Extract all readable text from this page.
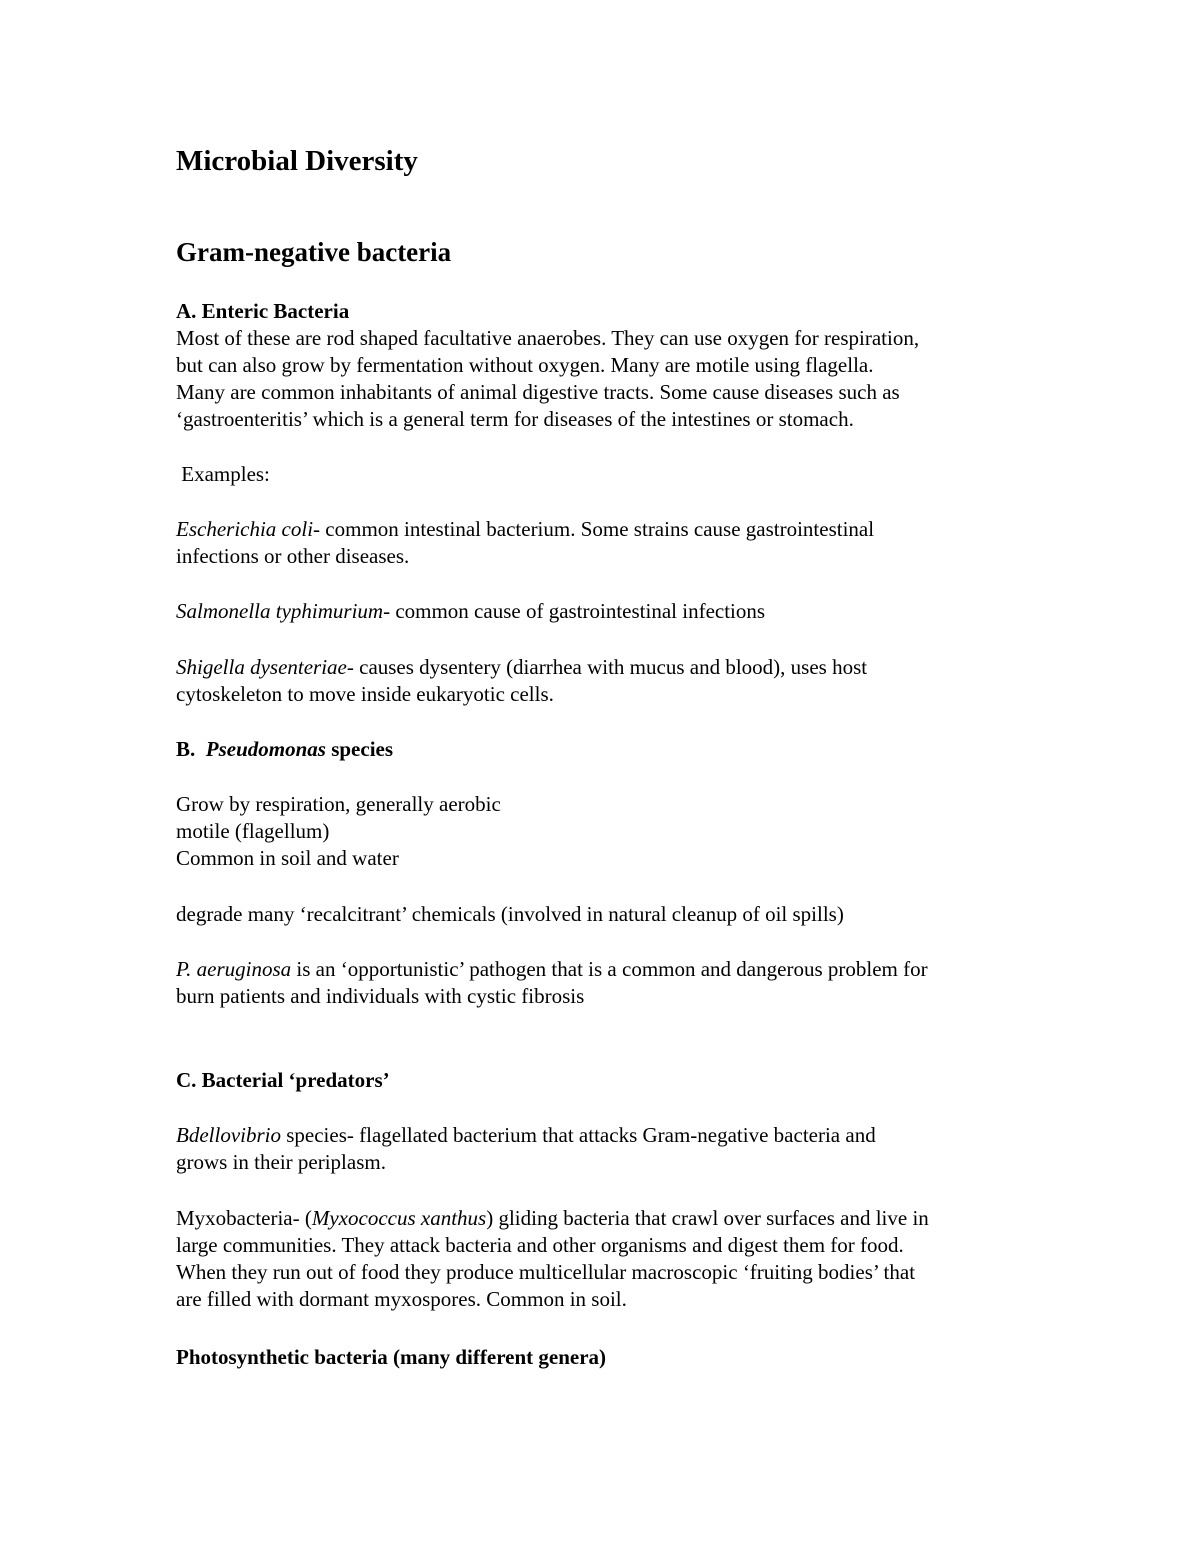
Microbial Diversity
Gram-negative bacteria
A. Enteric Bacteria
Most of these are rod shaped facultative anaerobes. They can use oxygen for respiration,
but can also grow by fermentation without oxygen. Many are motile using flagella.
Many are common inhabitants of animal digestive tracts. Some cause diseases such as
‘gastroenteritis’ which is a general term for diseases of the intestines or stomach.
Examples:
Escherichia coli- common intestinal bacterium. Some strains cause gastrointestinal
infections or other diseases.
Salmonella typhimurium- common cause of gastrointestinal infections
Shigella dysenteriae- causes dysentery (diarrhea with mucus and blood), uses host
cytoskeleton to move inside eukaryotic cells.
B.  Pseudomonas species
Grow by respiration, generally aerobic
motile (flagellum)
Common in soil and water
degrade many ‘recalcitrant’ chemicals (involved in natural cleanup of oil spills)
P. aeruginosa is an ‘opportunistic’ pathogen that is a common and dangerous problem for
burn patients and individuals with cystic fibrosis
C. Bacterial ‘predators’
Bdellovibrio species- flagellated bacterium that attacks Gram-negative bacteria and
grows in their periplasm.
Myxobacteria- (Myxococcus xanthus) gliding bacteria that crawl over surfaces and live in
large communities. They attack bacteria and other organisms and digest them for food.
When they run out of food they produce multicellular macroscopic ‘fruiting bodies’ that
are filled with dormant myxospores. Common in soil.
Photosynthetic bacteria (many different genera)
